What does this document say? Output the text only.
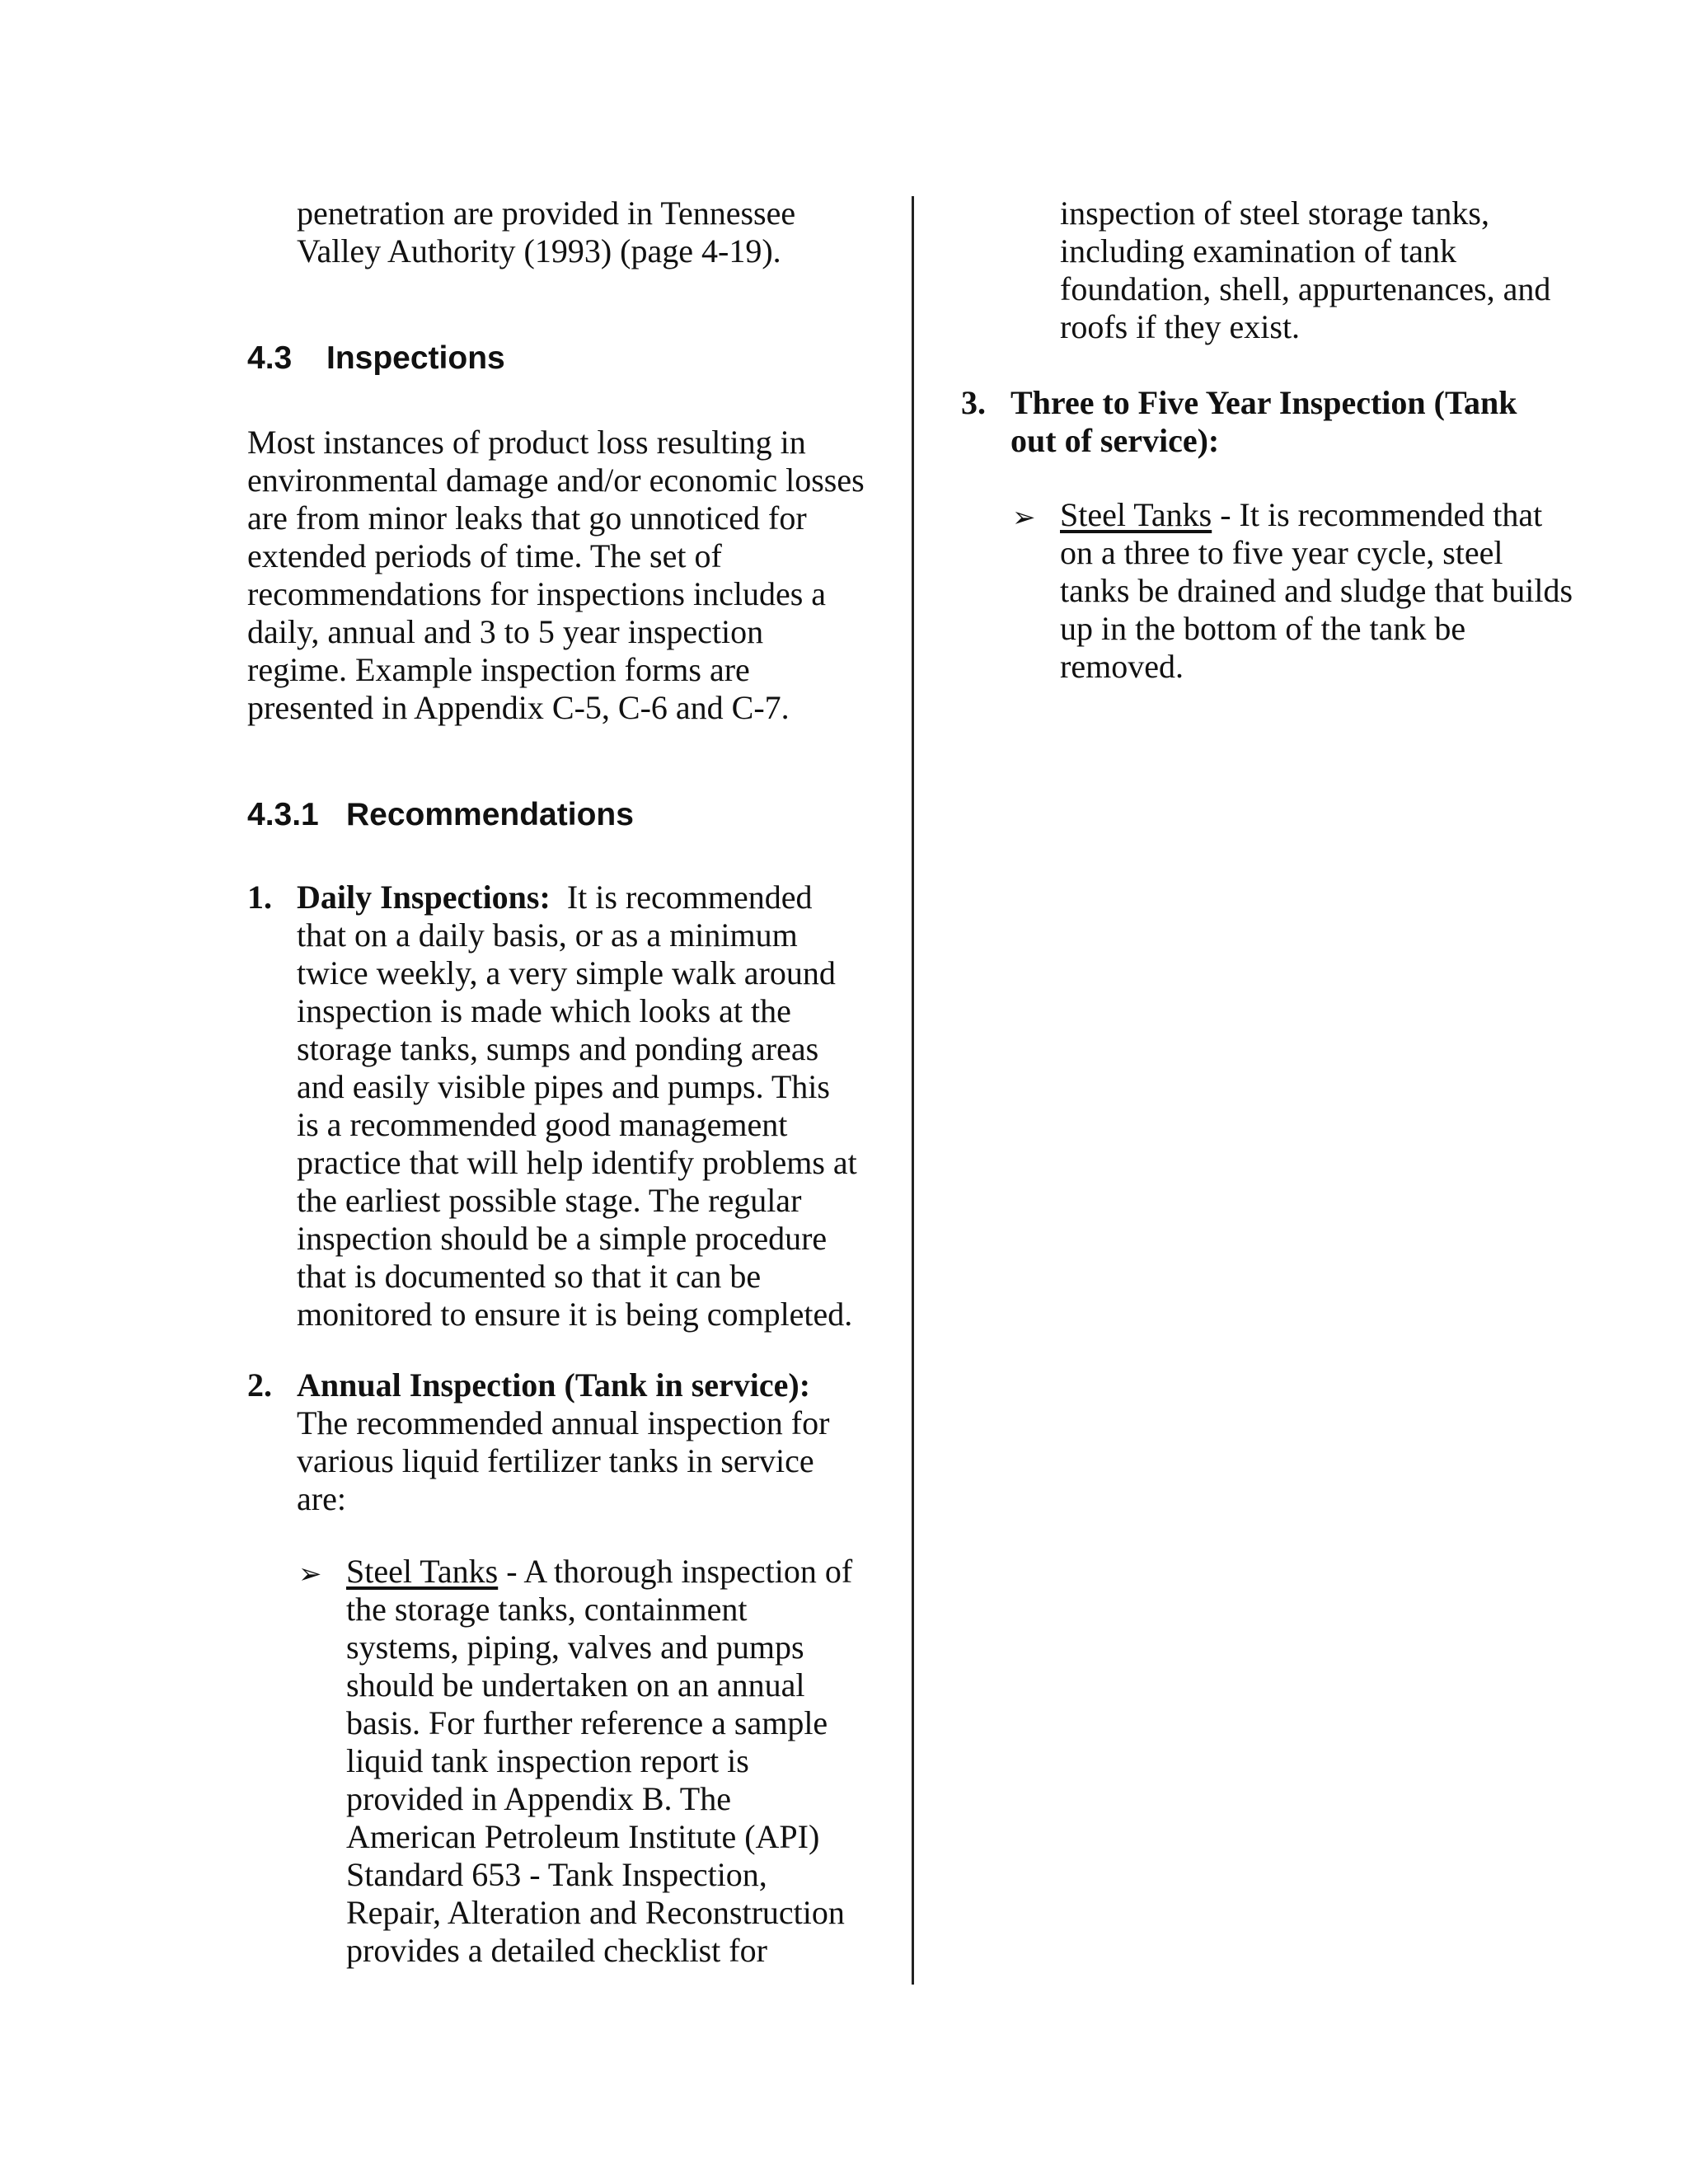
penetration are provided in Tennessee
Valley Authority (1993) (page 4-19).
4.3 Inspections
Most instances of product loss resulting in
environmental damage and/or economic losses
are from minor leaks that go unnoticed for
extended periods of time. The set of
recommendations for inspections includes a
daily, annual and 3 to 5 year inspection
regime. Example inspection forms are
presented in Appendix C-5, C-6 and C-7.
4.3.1 Recommendations
1. Daily Inspections:  It is recommended
that on a daily basis, or as a minimum
twice weekly, a very simple walk around
inspection is made which looks at the
storage tanks, sumps and ponding areas
and easily visible pipes and pumps. This
is a recommended good management
practice that will help identify problems at
the earliest possible stage. The regular
inspection should be a simple procedure
that is documented so that it can be
monitored to ensure it is being completed.
2. Annual Inspection (Tank in service):
The recommended annual inspection for
various liquid fertilizer tanks in service
are:
➢ Steel Tanks - A thorough inspection of
the storage tanks, containment
systems, piping, valves and pumps
should be undertaken on an annual
basis. For further reference a sample
liquid tank inspection report is
provided in Appendix B. The
American Petroleum Institute (API)
Standard 653 - Tank Inspection,
Repair, Alteration and Reconstruction
provides a detailed checklist for
inspection of steel storage tanks,
including examination of tank
foundation, shell, appurtenances, and
roofs if they exist.
3. Three to Five Year Inspection (Tank
out of service):
➢ Steel Tanks - It is recommended that
on a three to five year cycle, steel
tanks be drained and sludge that builds
up in the bottom of the tank be
removed.
